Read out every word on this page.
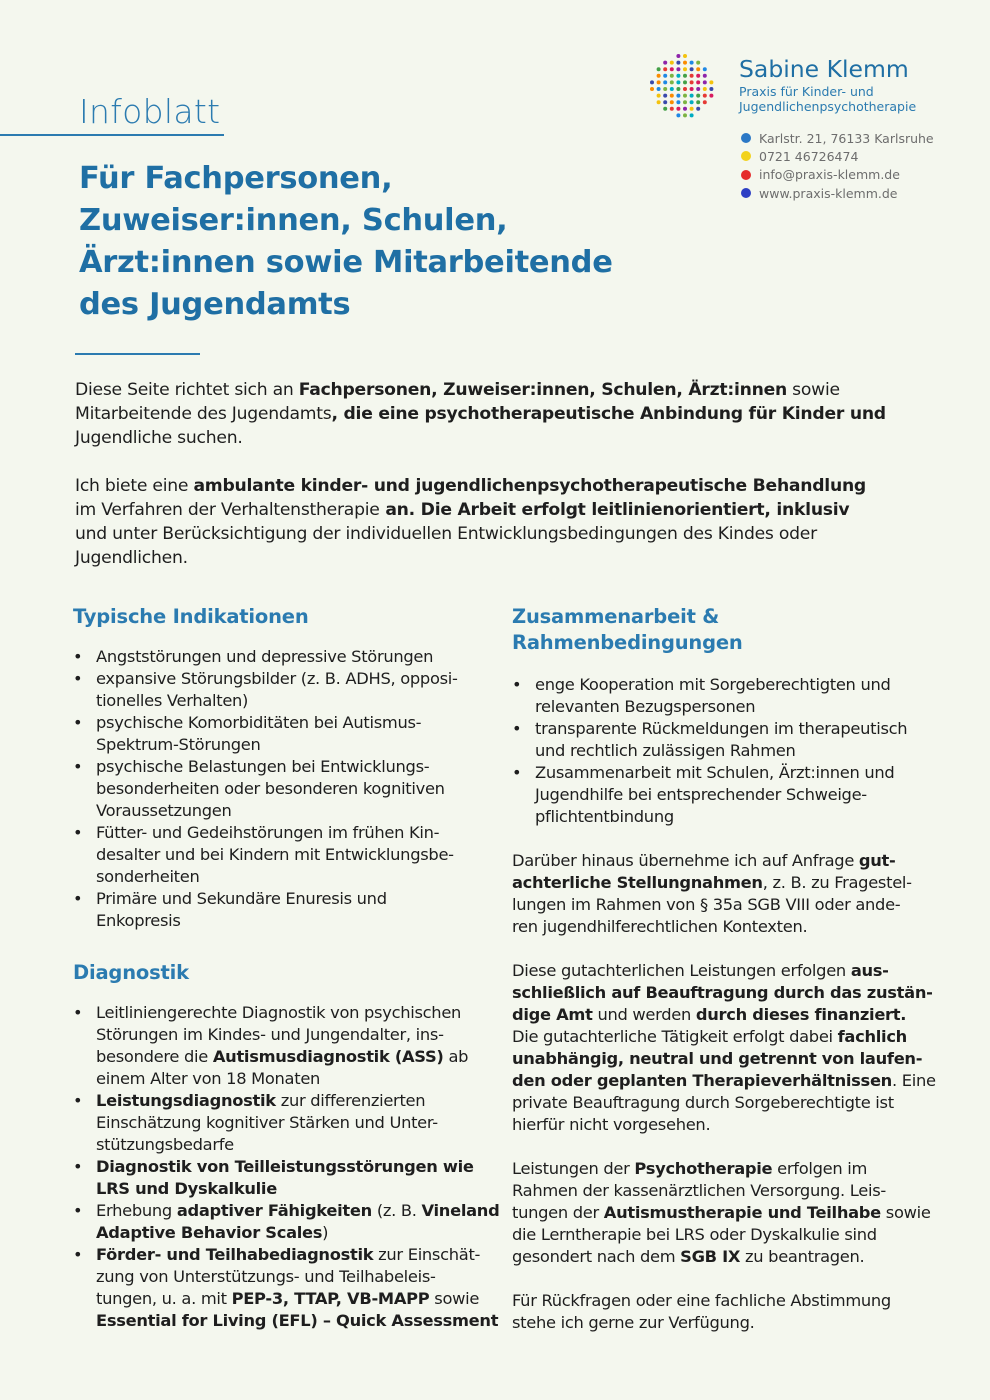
Infoblatt
Für Fachpersonen,
Zuweiser:innen, Schulen,
Ärzt:innen sowie Mitarbeitende
des Jugendamts
Sabine Klemm
Praxis für Kinder- und
Jugendlichenpsychotherapie
Karlstr. 21, 76133 Karlsruhe
0721 46726474
info@praxis-klemm.de
www.praxis-klemm.de
Diese Seite richtet sich an Fachpersonen, Zuweiser:innen, Schulen, Ärzt:innen sowie
Mitarbeitende des Jugendamts, die eine psychotherapeutische Anbindung für Kinder und
Jugendliche suchen.
Ich biete eine ambulante kinder- und jugendlichenpsychotherapeutische Behandlung
im Verfahren der Verhaltenstherapie an. Die Arbeit erfolgt leitlinienorientiert, inklusiv
und unter Berücksichtigung der individuellen Entwicklungsbedingungen des Kindes oder
Jugendlichen.
Typische Indikationen
• Angststörungen und depressive Störungen
• expansive Störungsbilder (z. B. ADHS, opposi-
tionelles Verhalten)
• psychische Komorbiditäten bei Autismus-
Spektrum-Störungen
• psychische Belastungen bei Entwicklungs-
besonderheiten oder besonderen kognitiven
Voraussetzungen
• Fütter- und Gedeihstörungen im frühen Kin-
desalter und bei Kindern mit Entwicklungsbe-
sonderheiten
• Primäre und Sekundäre Enuresis und
Enkopresis
Diagnostik
• Leitliniengerechte Diagnostik von psychischen
Störungen im Kindes- und Jungendalter, ins-
besondere die Autismusdiagnostik (ASS) ab
einem Alter von 18 Monaten
• Leistungsdiagnostik zur differenzierten
Einschätzung kognitiver Stärken und Unter-
stützungsbedarfe
• Diagnostik von Teilleistungsstörungen wie
LRS und Dyskalkulie
• Erhebung adaptiver Fähigkeiten (z. B. Vineland
Adaptive Behavior Scales)
• Förder- und Teilhabediagnostik zur Einschät-
zung von Unterstützungs- und Teilhabeleis-
tungen, u. a. mit PEP-3, TTAP, VB-MAPP sowie
Essential for Living (EFL) – Quick Assessment
Zusammenarbeit &
Rahmenbedingungen
• enge Kooperation mit Sorgeberechtigten und
relevanten Bezugspersonen
• transparente Rückmeldungen im therapeutisch
und rechtlich zulässigen Rahmen
• Zusammenarbeit mit Schulen, Ärzt:innen und
Jugendhilfe bei entsprechender Schweige-
pflichtentbindung
Darüber hinaus übernehme ich auf Anfrage gut-
achterliche Stellungnahmen, z. B. zu Fragestel-
lungen im Rahmen von § 35a SGB VIII oder ande-
ren jugendhilferechtlichen Kontexten.
Diese gutachterlichen Leistungen erfolgen aus-
schließlich auf Beauftragung durch das zustän-
dige Amt und werden durch dieses finanziert.
Die gutachterliche Tätigkeit erfolgt dabei fachlich
unabhängig, neutral und getrennt von laufen-
den oder geplanten Therapieverhältnissen. Eine
private Beauftragung durch Sorgeberechtigte ist
hierfür nicht vorgesehen.
Leistungen der Psychotherapie erfolgen im
Rahmen der kassenärztlichen Versorgung. Leis-
tungen der Autismustherapie und Teilhabe sowie
die Lerntherapie bei LRS oder Dyskalkulie sind
gesondert nach dem SGB IX zu beantragen.
Für Rückfragen oder eine fachliche Abstimmung
stehe ich gerne zur Verfügung.
